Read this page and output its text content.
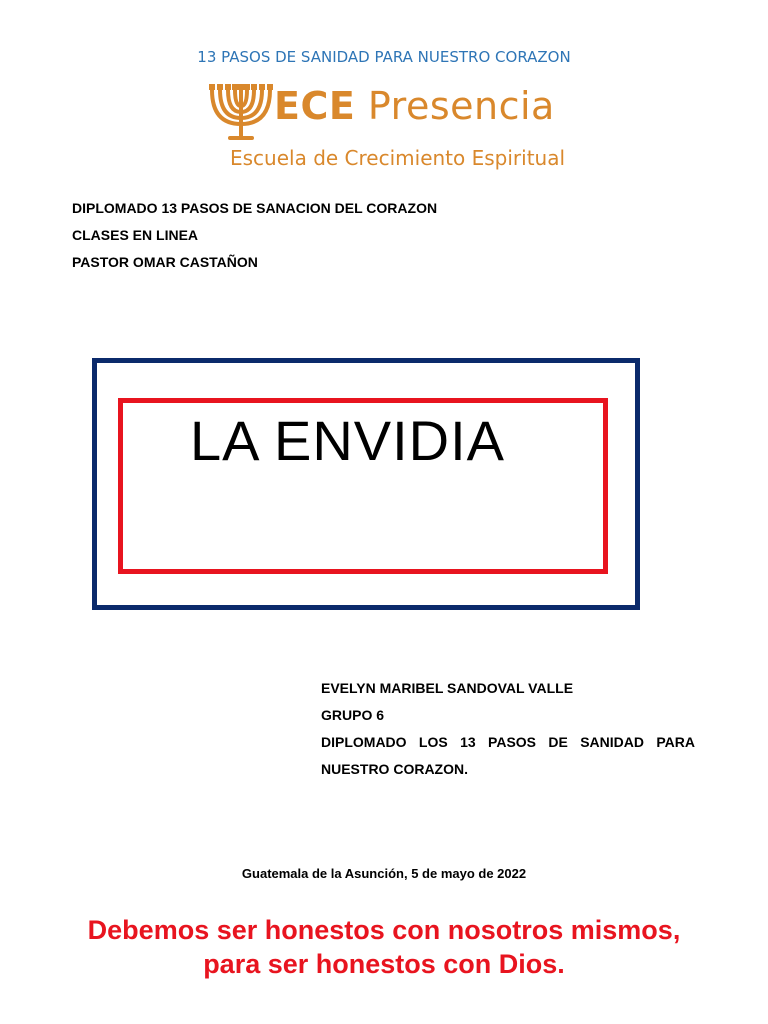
13 PASOS DE SANIDAD PARA NUESTRO CORAZON
ECE Presencia
Escuela de Crecimiento Espiritual
DIPLOMADO 13 PASOS DE SANACION DEL CORAZON
CLASES EN LINEA
PASTOR OMAR CASTAÑON
LA ENVIDIA
EVELYN MARIBEL SANDOVAL VALLE
GRUPO 6
DIPLOMADO LOS 13 PASOS DE SANIDAD PARA
NUESTRO CORAZON.
Guatemala de la Asunción, 5 de mayo de 2022
Debemos ser honestos con nosotros mismos,
para ser honestos con Dios.
